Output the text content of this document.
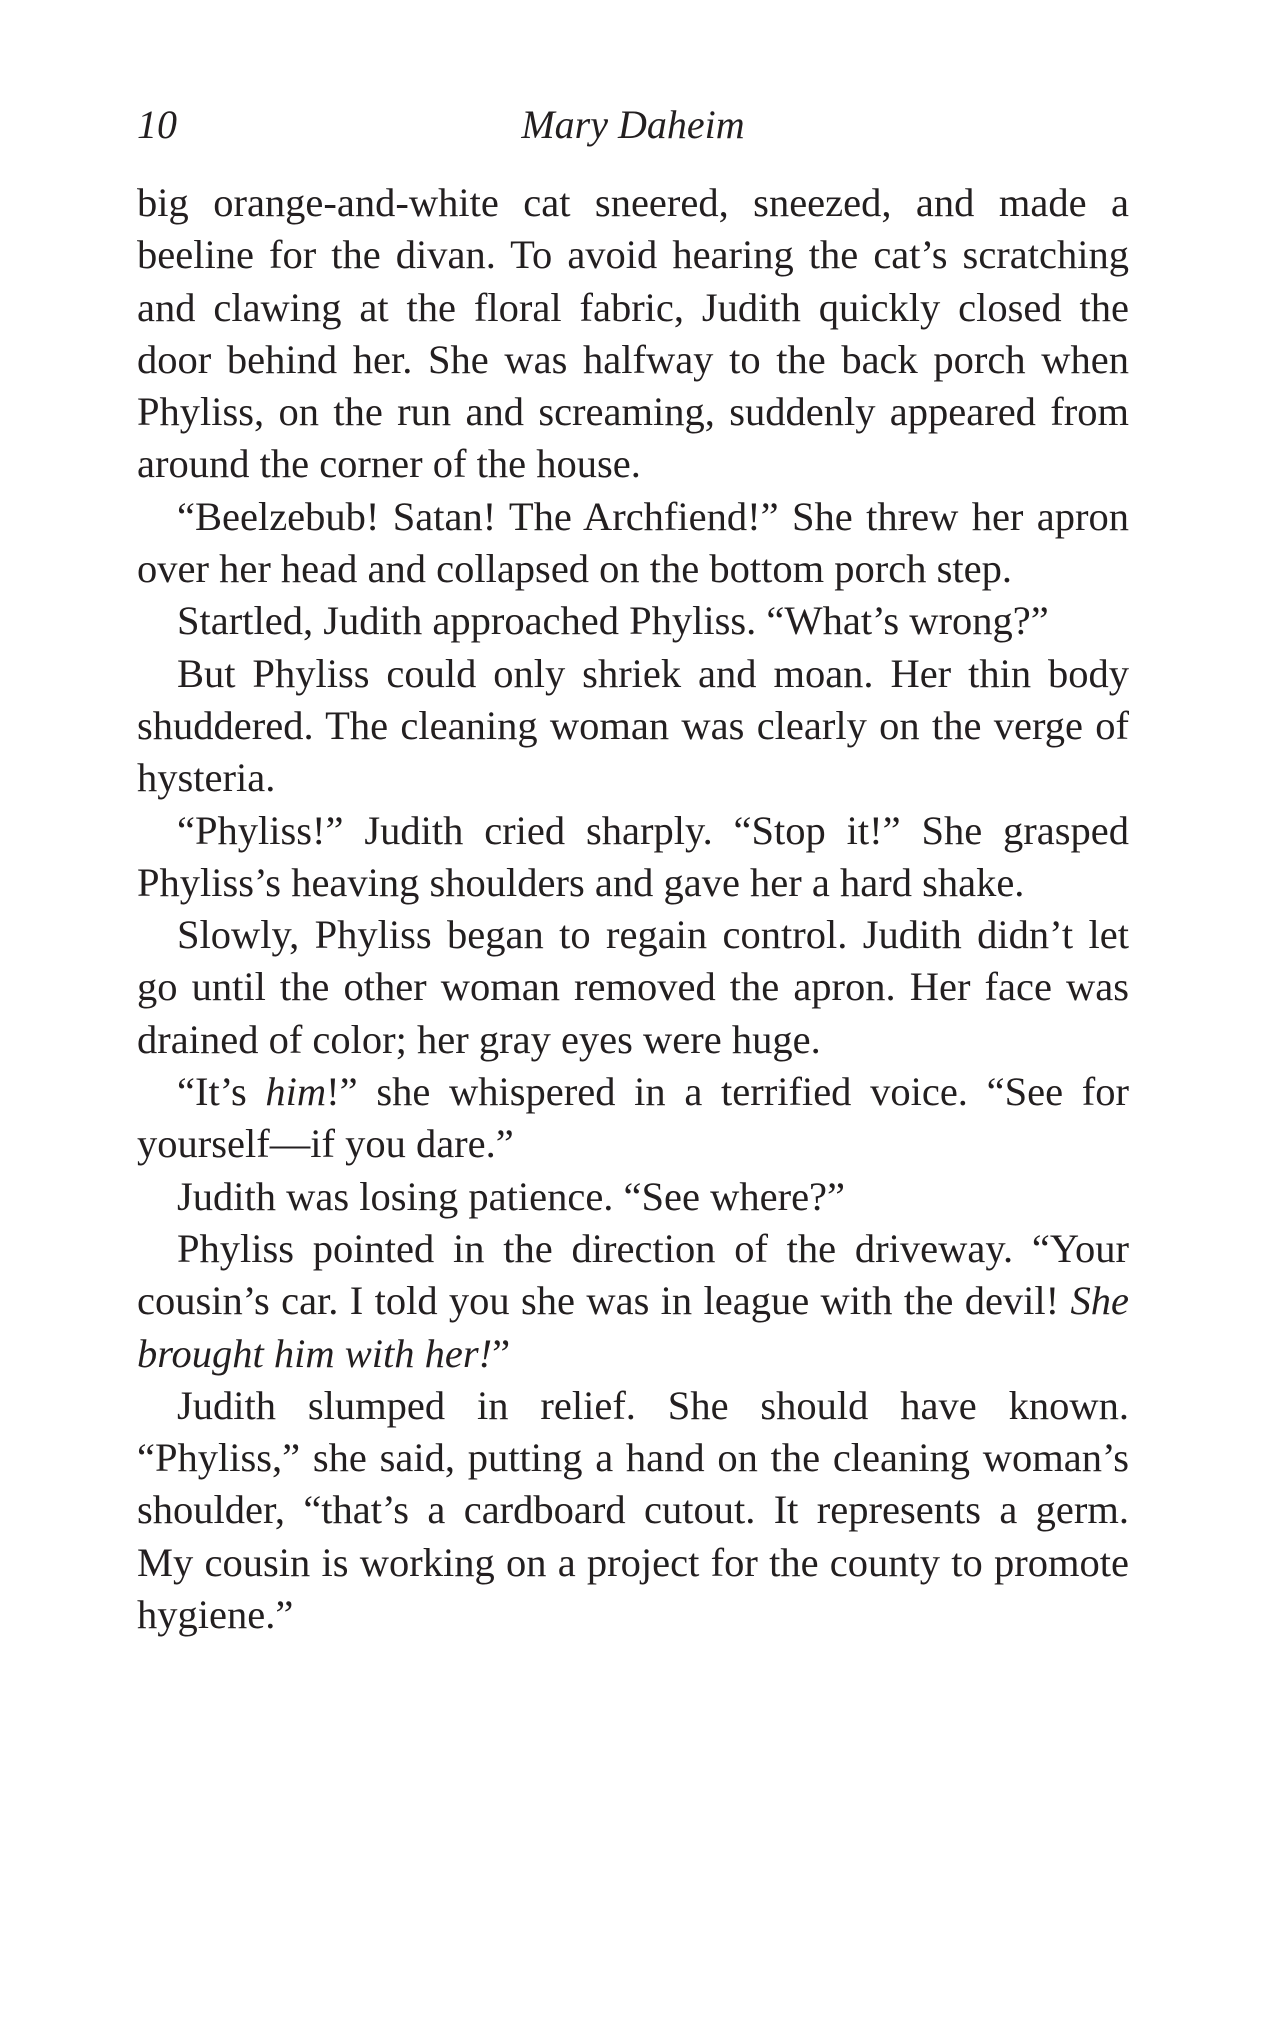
10	Mary Daheim

big orange-and-white cat sneered, sneezed, and made a beeline for the divan. To avoid hearing the cat’s scratching and clawing at the floral fabric, Judith quickly closed the door behind her. She was halfway to the back porch when Phyliss, on the run and screaming, suddenly appeared from around the corner of the house.

“Beelzebub! Satan! The Archfiend!” She threw her apron over her head and collapsed on the bottom porch step.

Startled, Judith approached Phyliss. “What’s wrong?”

But Phyliss could only shriek and moan. Her thin body shuddered. The cleaning woman was clearly on the verge of hysteria.

“Phyliss!” Judith cried sharply. “Stop it!” She grasped Phyliss’s heaving shoulders and gave her a hard shake.

Slowly, Phyliss began to regain control. Judith didn’t let go until the other woman removed the apron. Her face was drained of color; her gray eyes were huge.

“It’s him!” she whispered in a terrified voice. “See for yourself—if you dare.”

Judith was losing patience. “See where?”

Phyliss pointed in the direction of the driveway. “Your cousin’s car. I told you she was in league with the devil! She brought him with her!”

Judith slumped in relief. She should have known. “Phyliss,” she said, putting a hand on the cleaning woman’s shoulder, “that’s a cardboard cutout. It represents a germ. My cousin is working on a project for the county to promote hygiene.”
